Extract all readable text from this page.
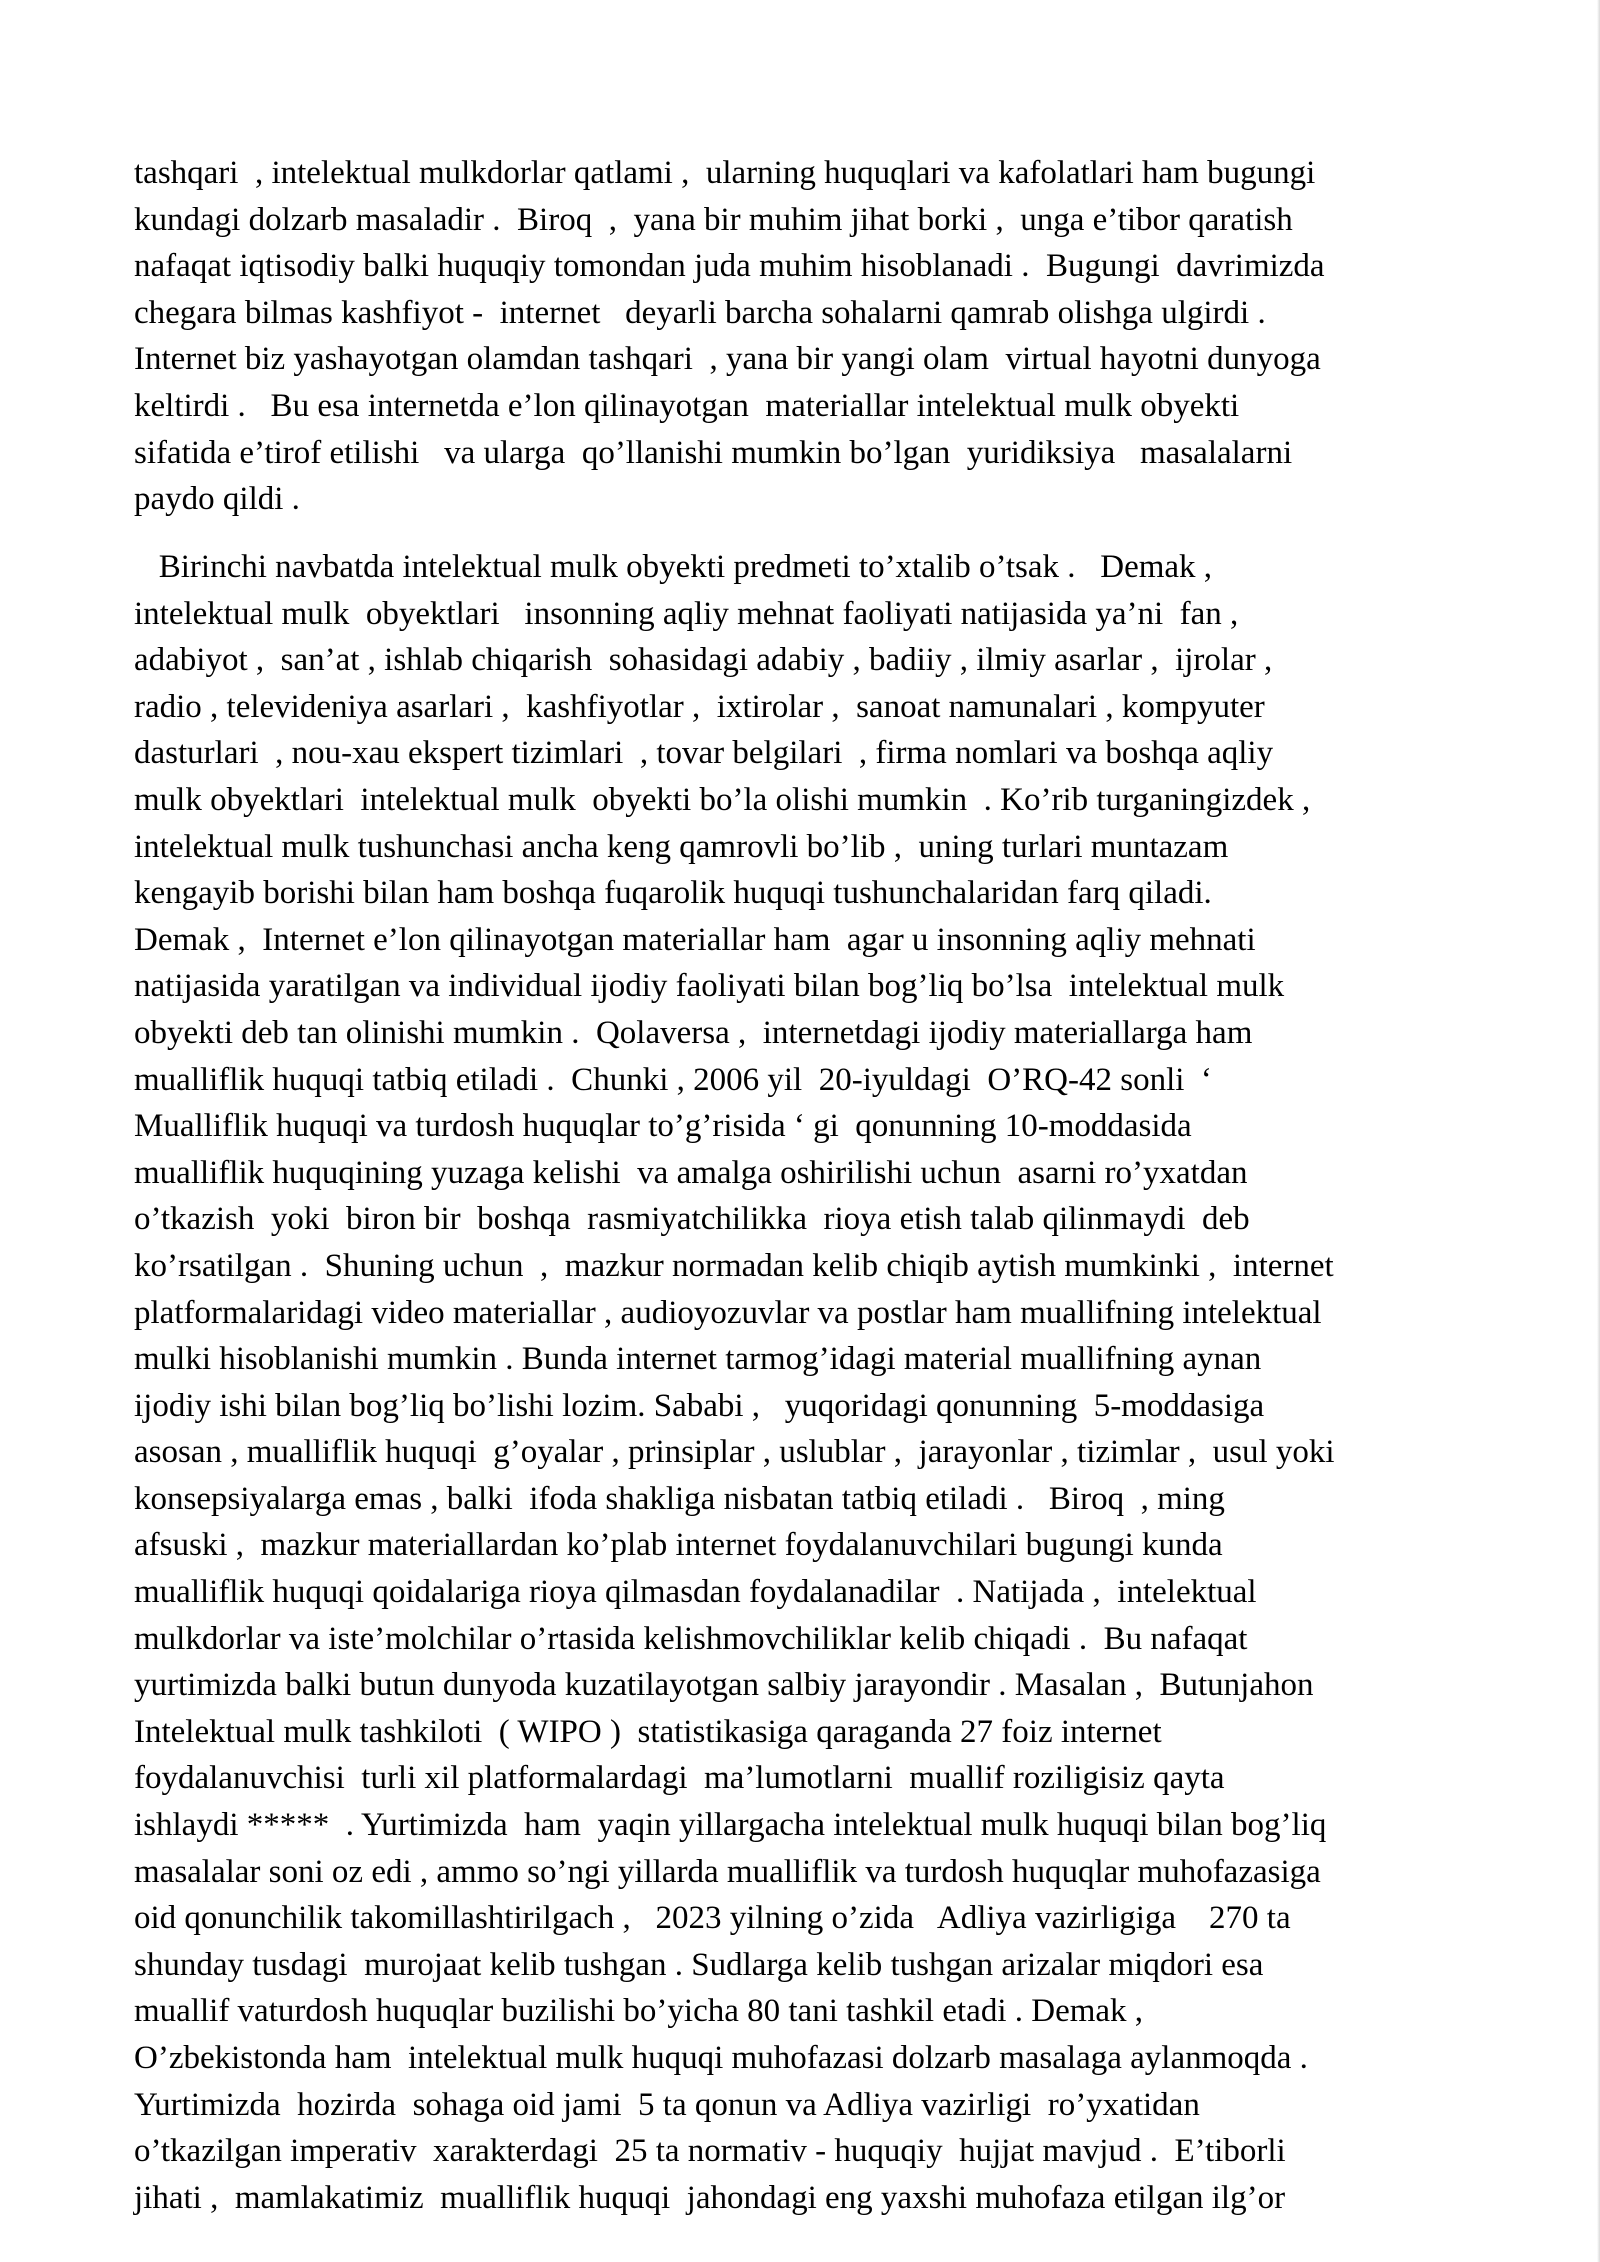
tashqari  , intelektual mulkdorlar qatlami ,  ularning huquqlari va kafolatlari ham bugungi
kundagi dolzarb masaladir .  Biroq  ,  yana bir muhim jihat borki ,  unga e’tibor qaratish
nafaqat iqtisodiy balki huquqiy tomondan juda muhim hisoblanadi .  Bugungi  davrimizda
chegara bilmas kashfiyot -  internet   deyarli barcha sohalarni qamrab olishga ulgirdi .
Internet biz yashayotgan olamdan tashqari  , yana bir yangi olam  virtual hayotni dunyoga
keltirdi .   Bu esa internetda e’lon qilinayotgan  materiallar intelektual mulk obyekti
sifatida e’tirof etilishi   va ularga  qo’llanishi mumkin bo’lgan  yuridiksiya   masalalarni
paydo qildi .
Birinchi navbatda intelektual mulk obyekti predmeti to’xtalib o’tsak .   Demak ,
intelektual mulk  obyektlari   insonning aqliy mehnat faoliyati natijasida ya’ni  fan ,
adabiyot ,  san’at , ishlab chiqarish  sohasidagi adabiy , badiiy , ilmiy asarlar ,  ijrolar ,
radio , televideniya asarlari ,  kashfiyotlar ,  ixtirolar ,  sanoat namunalari , kompyuter
dasturlari  , nou-xau ekspert tizimlari  , tovar belgilari  , firma nomlari va boshqa aqliy
mulk obyektlari  intelektual mulk  obyekti bo’la olishi mumkin  . Ko’rib turganingizdek ,
intelektual mulk tushunchasi ancha keng qamrovli bo’lib ,  uning turlari muntazam
kengayib borishi bilan ham boshqa fuqarolik huquqi tushunchalaridan farq qiladi.
Demak ,  Internet e’lon qilinayotgan materiallar ham  agar u insonning aqliy mehnati
natijasida yaratilgan va individual ijodiy faoliyati bilan bog’liq bo’lsa  intelektual mulk
obyekti deb tan olinishi mumkin .  Qolaversa ,  internetdagi ijodiy materiallarga ham
mualliflik huquqi tatbiq etiladi .  Chunki , 2006 yil  20-iyuldagi  O’RQ-42 sonli  ‘
Mualliflik huquqi va turdosh huquqlar to’g’risida ‘ gi  qonunning 10-moddasida
mualliflik huquqining yuzaga kelishi  va amalga oshirilishi uchun  asarni ro’yxatdan
o’tkazish  yoki  biron bir  boshqa  rasmiyatchilikka  rioya etish talab qilinmaydi  deb
ko’rsatilgan .  Shuning uchun  ,  mazkur normadan kelib chiqib aytish mumkinki ,  internet
platformalaridagi video materiallar , audioyozuvlar va postlar ham muallifning intelektual
mulki hisoblanishi mumkin . Bunda internet tarmog’idagi material muallifning aynan
ijodiy ishi bilan bog’liq bo’lishi lozim. Sababi ,   yuqoridagi qonunning  5-moddasiga
asosan , mualliflik huquqi  g’oyalar , prinsiplar , uslublar ,  jarayonlar , tizimlar ,  usul yoki
konsepsiyalarga emas , balki  ifoda shakliga nisbatan tatbiq etiladi .   Biroq  , ming
afsuski ,  mazkur materiallardan ko’plab internet foydalanuvchilari bugungi kunda
mualliflik huquqi qoidalariga rioya qilmasdan foydalanadilar  . Natijada ,  intelektual
mulkdorlar va iste’molchilar o’rtasida kelishmovchiliklar kelib chiqadi .  Bu nafaqat
yurtimizda balki butun dunyoda kuzatilayotgan salbiy jarayondir . Masalan ,  Butunjahon
Intelektual mulk tashkiloti  ( WIPO )  statistikasiga qaraganda 27 foiz internet
foydalanuvchisi  turli xil platformalardagi  ma’lumotlarni  muallif roziligisiz qayta
ishlaydi *****  . Yurtimizda  ham  yaqin yillargacha intelektual mulk huquqi bilan bog’liq
masalalar soni oz edi , ammo so’ngi yillarda mualliflik va turdosh huquqlar muhofazasiga
oid qonunchilik takomillashtirilgach ,   2023 yilning o’zida   Adliya vazirligiga    270 ta
shunday tusdagi  murojaat kelib tushgan . Sudlarga kelib tushgan arizalar miqdori esa
muallif vaturdosh huquqlar buzilishi bo’yicha 80 tani tashkil etadi . Demak ,
O’zbekistonda ham  intelektual mulk huquqi muhofazasi dolzarb masalaga aylanmoqda .
Yurtimizda  hozirda  sohaga oid jami  5 ta qonun va Adliya vazirligi  ro’yxatidan
o’tkazilgan imperativ  xarakterdagi  25 ta normativ - huquqiy  hujjat mavjud .  E’tiborli
jihati ,  mamlakatimiz  mualliflik huquqi  jahondagi eng yaxshi muhofaza etilgan ilg’or
